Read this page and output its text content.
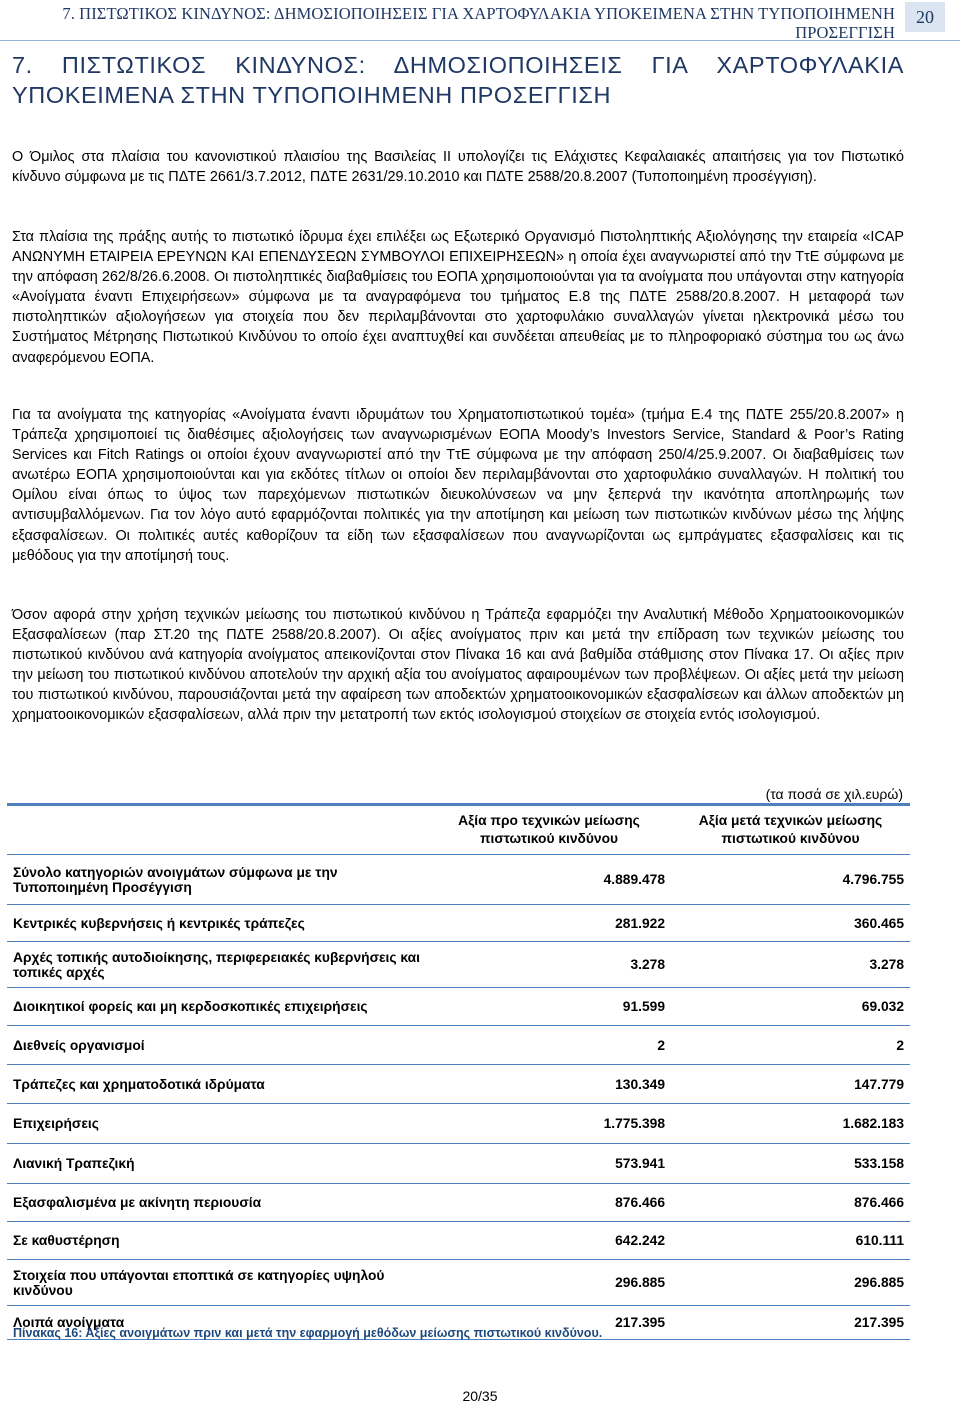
7. ΠΙΣΤΩΤΙΚΟΣ ΚΙΝΔΥΝΟΣ: ΔΗΜΟΣΙΟΠΟΙΗΣΕΙΣ ΓΙΑ ΧΑΡΤΟΦΥΛΑΚΙΑ ΥΠΟΚΕΙΜΕΝΑ ΣΤΗΝ ΤΥΠΟΠΟΙΗΜΕΝΗ ΠΡΟΣΕΓΓΙΣΗ
20
7. ΠΙΣΤΩΤΙΚΟΣ ΚΙΝΔΥΝΟΣ: ΔΗΜΟΣΙΟΠΟΙΗΣΕΙΣ ΓΙΑ ΧΑΡΤΟΦΥΛΑΚΙΑ ΥΠΟΚΕΙΜΕΝΑ ΣΤΗΝ ΤΥΠΟΠΟΙΗΜΕΝΗ ΠΡΟΣΕΓΓΙΣΗ

Ο Όμιλος στα πλαίσια του κανονιστικού πλαισίου της Βασιλείας ΙΙ υπολογίζει τις Ελάχιστες Κεφαλαιακές απαιτήσεις για τον Πιστωτικό κίνδυνο σύμφωνα με τις ΠΔΤΕ 2661/3.7.2012, ΠΔΤΕ 2631/29.10.2010 και ΠΔΤΕ 2588/20.8.2007 (Τυποποιημένη προσέγγιση).

Στα πλαίσια της πράξης αυτής το πιστωτικό ίδρυμα έχει επιλέξει ως Εξωτερικό Οργανισμό Πιστοληπτικής Αξιολόγησης την εταιρεία «ICAP ΑΝΩΝΥΜΗ ΕΤΑΙΡΕΙΑ ΕΡΕΥΝΩΝ ΚΑΙ ΕΠΕΝΔΥΣΕΩΝ ΣΥΜΒΟΥΛΟΙ ΕΠΙΧΕΙΡΗΣΕΩΝ» η οποία έχει αναγνωριστεί από την ΤτΕ σύμφωνα με την απόφαση 262/8/26.6.2008. Οι πιστοληπτικές διαβαθμίσεις του ΕΟΠΑ χρησιμοποιούνται για τα ανοίγματα που υπάγονται στην κατηγορία «Ανοίγματα έναντι Επιχειρήσεων» σύμφωνα με τα αναγραφόμενα του τμήματος Ε.8 της ΠΔΤΕ 2588/20.8.2007. Η μεταφορά των πιστοληπτικών αξιολογήσεων για στοιχεία που δεν περιλαμβάνονται στο χαρτοφυλάκιο συναλλαγών γίνεται ηλεκτρονικά μέσω του Συστήματος Μέτρησης Πιστωτικού Κινδύνου το οποίο έχει αναπτυχθεί και συνδέεται απευθείας με το πληροφοριακό σύστημα του ως άνω αναφερόμενου ΕΟΠΑ.

Για τα ανοίγματα της κατηγορίας «Ανοίγματα έναντι ιδρυμάτων του Χρηματοπιστωτικού τομέα» (τμήμα Ε.4 της ΠΔΤΕ 255/20.8.2007» η Τράπεζα χρησιμοποιεί τις διαθέσιμες αξιολογήσεις των αναγνωρισμένων ΕΟΠΑ Moody’s Investors Service, Standard & Poor’s Rating Services και Fitch Ratings οι οποίοι έχουν αναγνωριστεί από την ΤτΕ σύμφωνα με την απόφαση 250/4/25.9.2007. Οι διαβαθμίσεις των ανωτέρω ΕΟΠΑ χρησιμοποιούνται και για εκδότες τίτλων οι οποίοι δεν περιλαμβάνονται στο χαρτοφυλάκιο συναλλαγών. Η πολιτική του Ομίλου είναι όπως το ύψος των παρεχόμενων πιστωτικών διευκολύνσεων να μην ξεπερνά την ικανότητα αποπληρωμής των αντισυμβαλλόμενων. Για τον λόγο αυτό εφαρμόζονται πολιτικές για την αποτίμηση και μείωση των πιστωτικών κινδύνων μέσω της λήψης εξασφαλίσεων. Οι πολιτικές αυτές καθορίζουν τα είδη των εξασφαλίσεων που αναγνωρίζονται ως εμπράγματες εξασφαλίσεις και τις μεθόδους για την αποτίμησή τους.

Όσον αφορά στην χρήση τεχνικών μείωσης του πιστωτικού κινδύνου η Τράπεζα εφαρμόζει την Αναλυτική Μέθοδο Χρηματοοικονομικών Εξασφαλίσεων (παρ ΣΤ.20 της ΠΔΤΕ 2588/20.8.2007). Οι αξίες ανοίγματος πριν και μετά την επίδραση των τεχνικών μείωσης του πιστωτικού κινδύνου ανά κατηγορία ανοίγματος απεικονίζονται στον Πίνακα 16 και ανά βαθμίδα στάθμισης στον Πίνακα 17. Οι αξίες πριν την μείωση του πιστωτικού κινδύνου αποτελούν την αρχική αξία του ανοίγματος αφαιρουμένων των προβλέψεων. Οι αξίες μετά την μείωση του πιστωτικού κινδύνου, παρουσιάζονται μετά την αφαίρεση των αποδεκτών χρηματοοικονομικών εξασφαλίσεων και άλλων αποδεκτών μη χρηματοοικονομικών εξασφαλίσεων, αλλά πριν την μετατροπή των εκτός ισολογισμού στοιχείων σε στοιχεία εντός ισολογισμού.

(τα ποσά σε χιλ.ευρώ)
	Αξία προ τεχνικών μείωσης πιστωτικού κινδύνου	Αξία μετά τεχνικών μείωσης πιστωτικού κινδύνου
Σύνολο κατηγοριών ανοιγμάτων σύμφωνα με την Τυποποιημένη Προσέγγιση	4.889.478	4.796.755
Κεντρικές κυβερνήσεις ή κεντρικές τράπεζες	281.922	360.465
Αρχές τοπικής αυτοδιοίκησης, περιφερειακές κυβερνήσεις και τοπικές αρχές	3.278	3.278
Διοικητικοί φορείς και μη κερδοσκοπικές επιχειρήσεις	91.599	69.032
Διεθνείς οργανισμοί	2	2
Τράπεζες και χρηματοδοτικά ιδρύματα	130.349	147.779
Επιχειρήσεις	1.775.398	1.682.183
Λιανική Τραπεζική	573.941	533.158
Εξασφαλισμένα με ακίνητη περιουσία	876.466	876.466
Σε καθυστέρηση	642.242	610.111
Στοιχεία που υπάγονται εποπτικά σε κατηγορίες υψηλού κινδύνου	296.885	296.885
Λοιπά ανοίγματα	217.395	217.395
Πίνακας 16: Αξίες ανοιγμάτων πριν και μετά την εφαρμογή μεθόδων μείωσης πιστωτικού κινδύνου.
20/35
